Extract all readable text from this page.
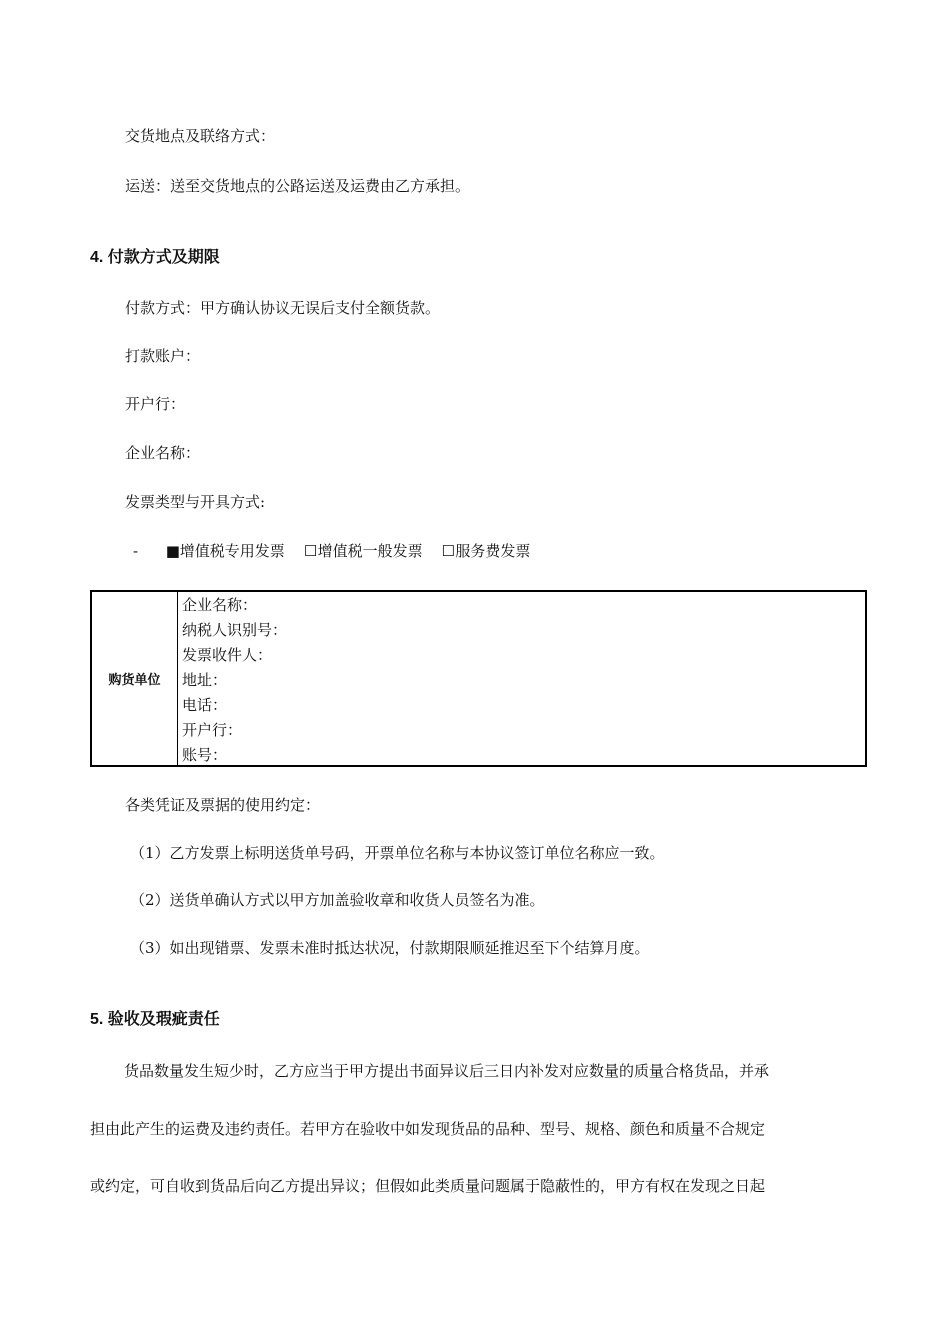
交货地点及联络方式：
运送：送至交货地点的公路运送及运费由乙方承担。
4. 付款方式及期限
付款方式：甲方确认协议无误后支付全额货款。
打款账户：
开户行：
企业名称：
发票类型与开具方式:
- ■增值税专用发票 ☐增值税一般发票 ☐服务费发票
购货单位
企业名称：
纳税人识别号：
发票收件人：
地址：
电话：
开户行：
账号：
各类凭证及票据的使用约定：
（1）乙方发票上标明送货单号码，开票单位名称与本协议签订单位名称应一致。
（2）送货单确认方式以甲方加盖验收章和收货人员签名为准。
（3）如出现错票、发票未准时抵达状况，付款期限顺延推迟至下个结算月度。
5. 验收及瑕疵责任
货品数量发生短少时，乙方应当于甲方提出书面异议后三日内补发对应数量的质量合格货品，并承
担由此产生的运费及违约责任。若甲方在验收中如发现货品的品种、型号、规格、颜色和质量不合规定
或约定，可自收到货品后向乙方提出异议；但假如此类质量问题属于隐蔽性的，甲方有权在发现之日起
